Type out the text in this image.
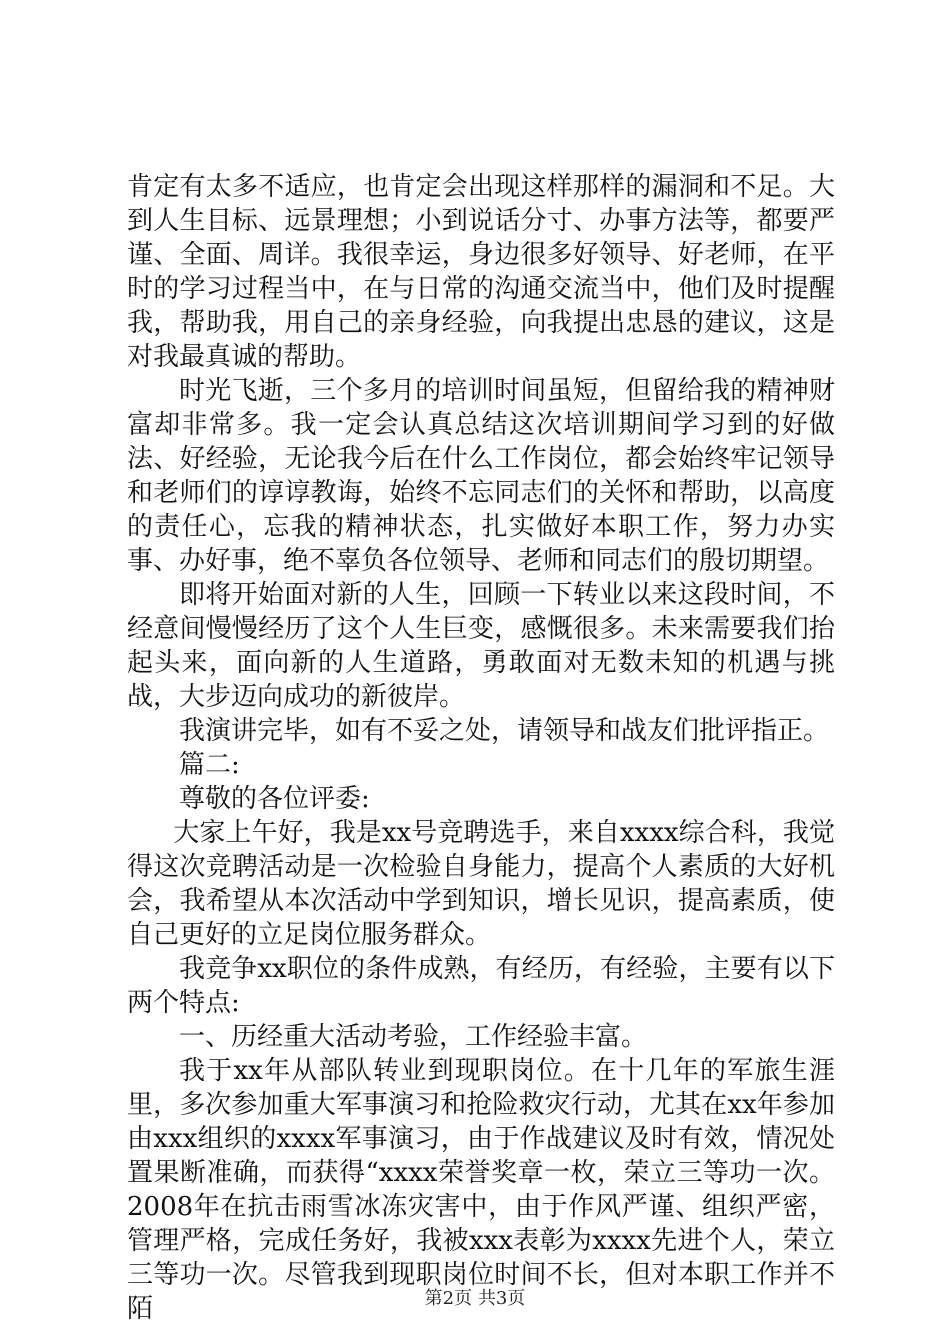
肯定有太多不适应，也肯定会出现这样那样的漏洞和不足。大到人生目标、远景理想；小到说话分寸、办事方法等，都要严谨、全面、周详。我很幸运，身边很多好领导、好老师，在平时的学习过程当中，在与日常的沟通交流当中，他们及时提醒我，帮助我，用自己的亲身经验，向我提出忠恳的建议，这是对我最真诚的帮助。

时光飞逝，三个多月的培训时间虽短，但留给我的精神财富却非常多。我一定会认真总结这次培训期间学习到的好做法、好经验，无论我今后在什么工作岗位，都会始终牢记领导和老师们的谆谆教诲，始终不忘同志们的关怀和帮助，以高度的责任心，忘我的精神状态，扎实做好本职工作，努力办实事、办好事，绝不辜负各位领导、老师和同志们的殷切期望。

即将开始面对新的人生，回顾一下转业以来这段时间，不经意间慢慢经历了这个人生巨变，感慨很多。未来需要我们抬起头来，面向新的人生道路，勇敢面对无数未知的机遇与挑战，大步迈向成功的新彼岸。

我演讲完毕，如有不妥之处，请领导和战友们批评指正。

篇二:

尊敬的各位评委:

大家上午好，我是xx号竞聘选手，来自xxxx综合科，我觉得这次竞聘活动是一次检验自身能力，提高个人素质的大好机会，我希望从本次活动中学到知识，增长见识，提高素质，使自己更好的立足岗位服务群众。

我竞争xx职位的条件成熟，有经历，有经验，主要有以下两个特点:

一、历经重大活动考验，工作经验丰富。

我于xx年从部队转业到现职岗位。在十几年的军旅生涯里，多次参加重大军事演习和抢险救灾行动，尤其在xx年参加由xxx组织的xxxx军事演习，由于作战建议及时有效，情况处置果断准确，而获得“xxxx荣誉奖章一枚，荣立三等功一次。2008年在抗击雨雪冰冻灾害中，由于作风严谨、组织严密，管理严格，完成任务好，我被xxx表彰为xxxx先进个人，荣立三等功一次。尽管我到现职岗位时间不长，但对本职工作并不陌	第2页 共3页
